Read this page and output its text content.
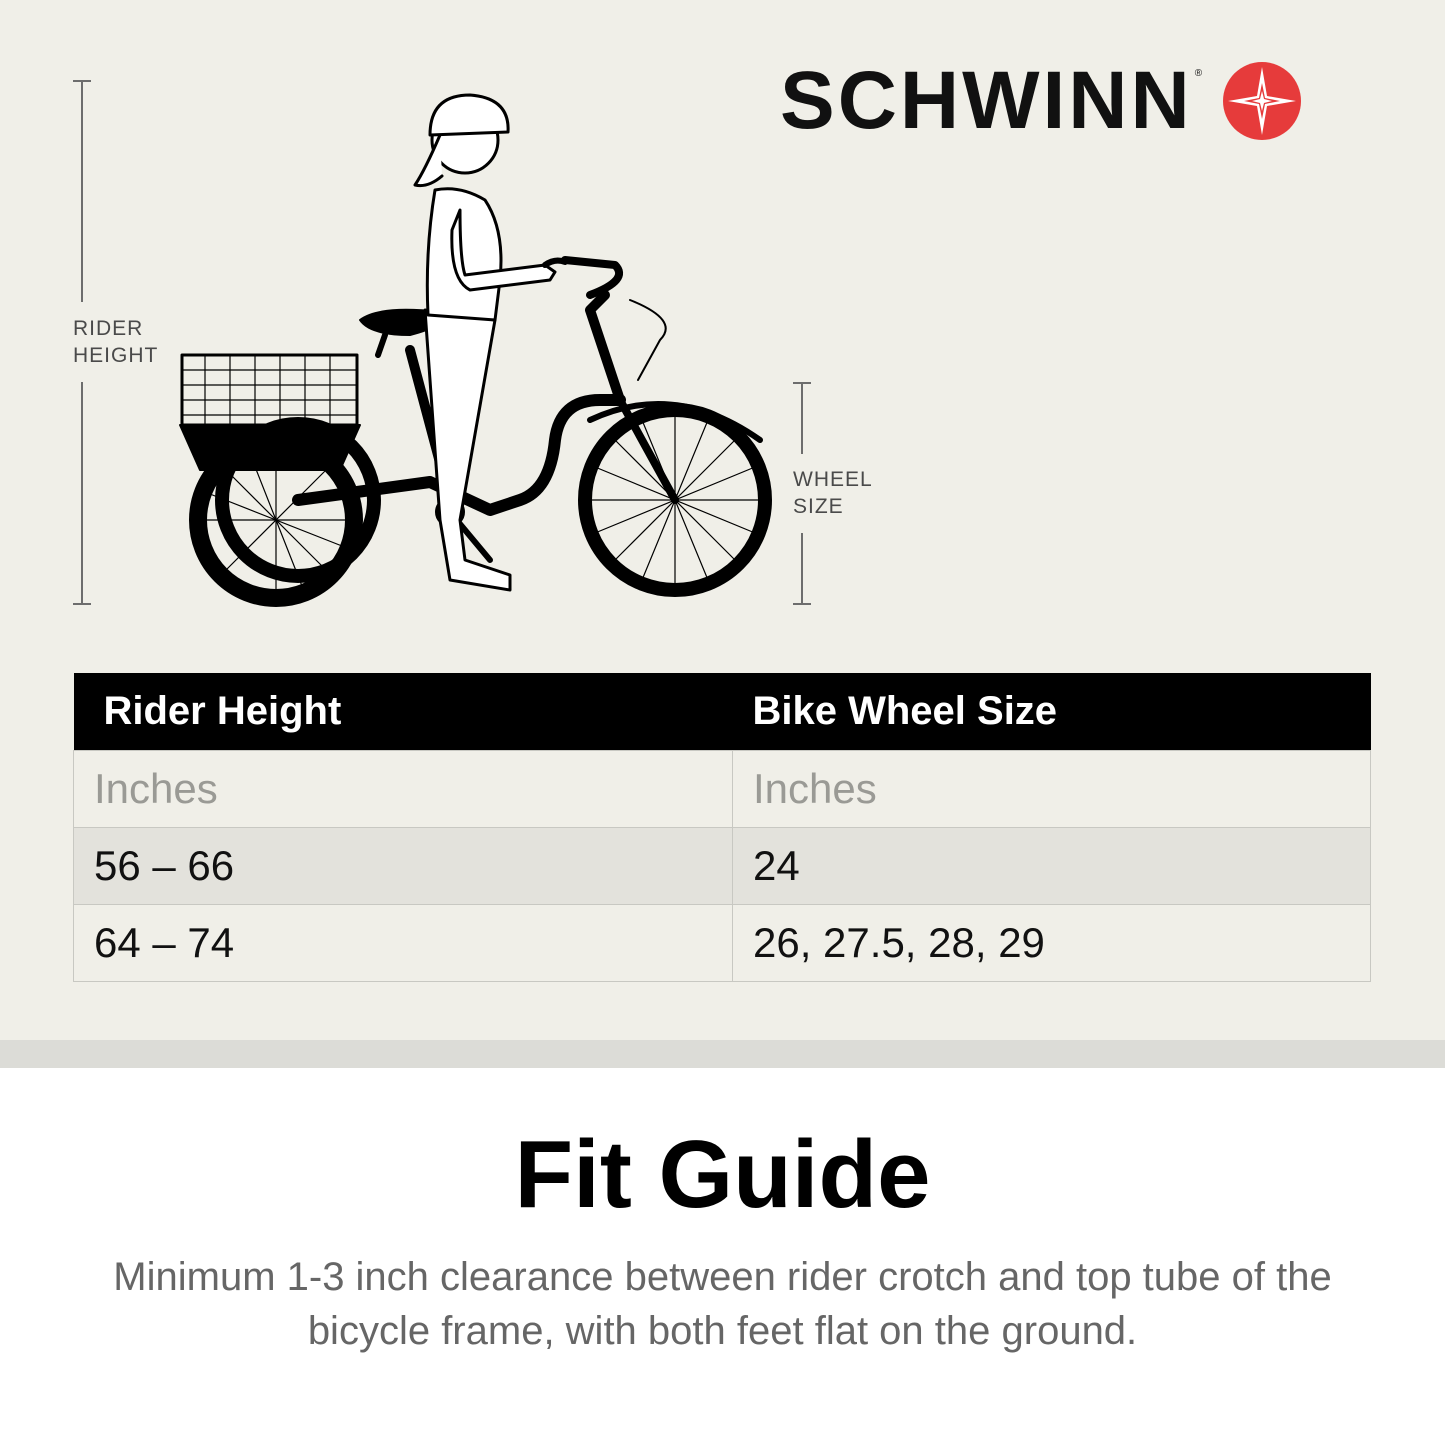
SCHWINN ®
RIDER
HEIGHT
WHEEL
SIZE
Rider Height	Bike Wheel Size
Inches	Inches
56 – 66	24
64 – 74	26, 27.5, 28, 29
Fit Guide
Minimum 1-3 inch clearance between rider crotch and top tube of the bicycle frame, with both feet flat on the ground.
